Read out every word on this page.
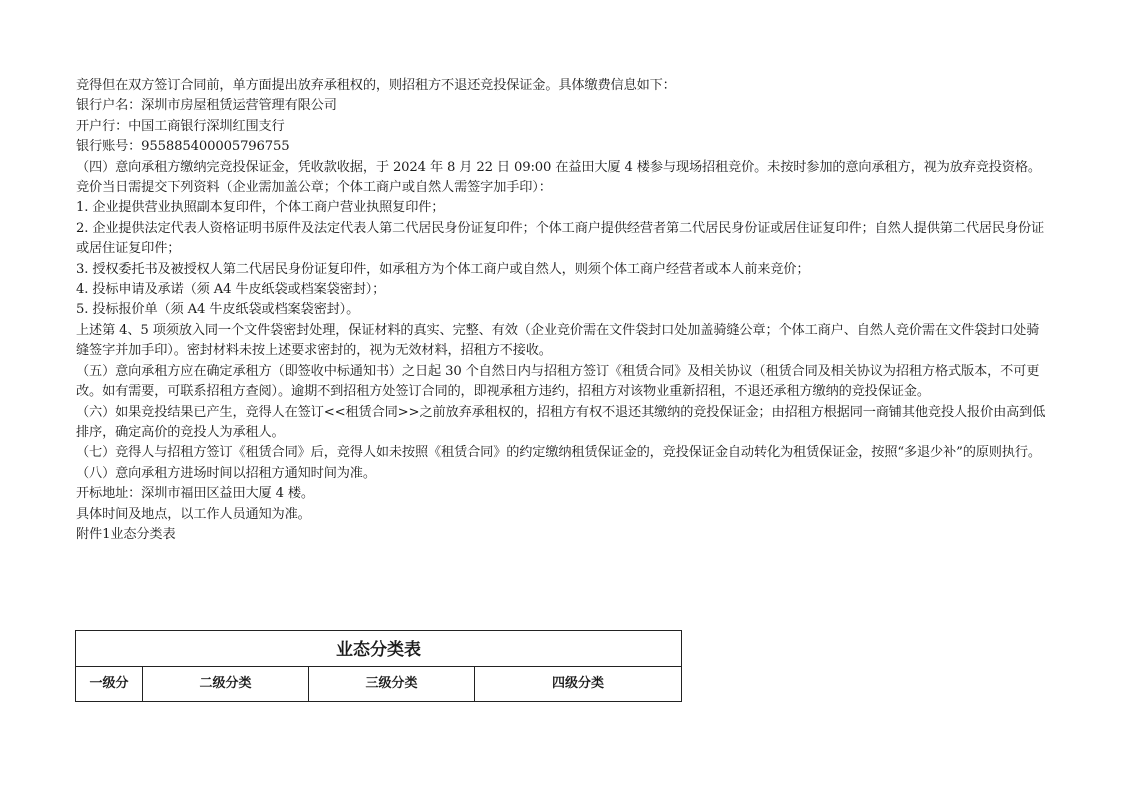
竞得但在双方签订合同前，单方面提出放弃承租权的，则招租方不退还竞投保证金。具体缴费信息如下：

银行户名：深圳市房屋租赁运营管理有限公司

开户行：中国工商银行深圳红围支行

银行账号：955885400005796755

（四）意向承租方缴纳完竞投保证金，凭收款收据，于 2024 年 8 月 22 日 09:00 在益田大厦 4 楼参与现场招租竞价。未按时参加的意向承租方，视为放弃竞投资格。竞价当日需提交下列资料（企业需加盖公章；个体工商户或自然人需签字加手印）：

1. 企业提供营业执照副本复印件，个体工商户营业执照复印件；

2. 企业提供法定代表人资格证明书原件及法定代表人第二代居民身份证复印件；个体工商户提供经营者第二代居民身份证或居住证复印件；自然人提供第二代居民身份证或居住证复印件；

3. 授权委托书及被授权人第二代居民身份证复印件，如承租方为个体工商户或自然人，则须个体工商户经营者或本人前来竞价；

4. 投标申请及承诺（须 A4 牛皮纸袋或档案袋密封）；

5. 投标报价单（须 A4 牛皮纸袋或档案袋密封）。

上述第 4、5 项须放入同一个文件袋密封处理，保证材料的真实、完整、有效（企业竞价需在文件袋封口处加盖骑缝公章；个体工商户、自然人竞价需在文件袋封口处骑缝签字并加手印）。密封材料未按上述要求密封的，视为无效材料，招租方不接收。

（五）意向承租方应在确定承租方（即签收中标通知书）之日起 30 个自然日内与招租方签订《租赁合同》及相关协议（租赁合同及相关协议为招租方格式版本，不可更改。如有需要，可联系招租方查阅）。逾期不到招租方处签订合同的，即视承租方违约，招租方对该物业重新招租，不退还承租方缴纳的竞投保证金。

（六）如果竞投结果已产生，竞得人在签订<<租赁合同>>之前放弃承租权的，招租方有权不退还其缴纳的竞投保证金；由招租方根据同一商铺其他竞投人报价由高到低排序，确定高价的竞投人为承租人。

（七）竞得人与招租方签订《租赁合同》后，竞得人如未按照《租赁合同》的约定缴纳租赁保证金的，竞投保证金自动转化为租赁保证金，按照“多退少补”的原则执行。

（八）意向承租方进场时间以招租方通知时间为准。

开标地址：深圳市福田区益田大厦 4 楼。

具体时间及地点，以工作人员通知为准。

附件1业态分类表

业态分类表
一级分	二级分类	三级分类	四级分类
